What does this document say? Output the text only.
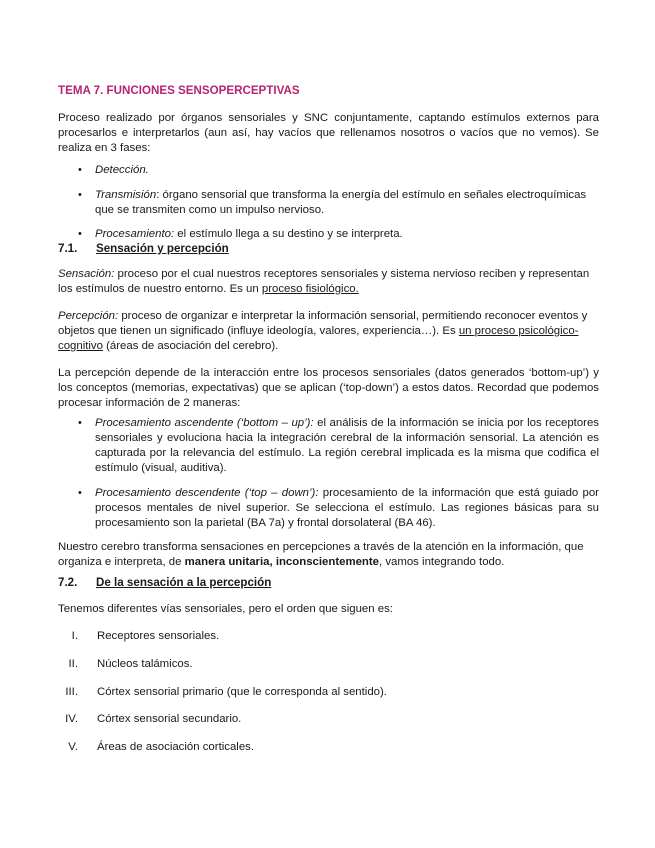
TEMA 7. FUNCIONES SENSOPERCEPTIVAS

Proceso realizado por órganos sensoriales y SNC conjuntamente, captando estímulos externos para procesarlos e interpretarlos (aun así, hay vacíos que rellenamos nosotros o vacíos que no vemos). Se realiza en 3 fases:

• Detección.
• Transmisión: órgano sensorial que transforma la energía del estímulo en señales electroquímicas que se transmiten como un impulso nervioso.
• Procesamiento: el estímulo llega a su destino y se interpreta.
7.1. Sensación y percepción

Sensación: proceso por el cual nuestros receptores sensoriales y sistema nervioso reciben y representan los estímulos de nuestro entorno. Es un proceso fisiológico.

Percepción: proceso de organizar e interpretar la información sensorial, permitiendo reconocer eventos y objetos que tienen un significado (influye ideología, valores, experiencia…). Es un proceso psicológico-cognitivo (áreas de asociación del cerebro).

La percepción depende de la interacción entre los procesos sensoriales (datos generados ‘bottom-up’) y los conceptos (memorias, expectativas) que se aplican (‘top-down’) a estos datos. Recordad que podemos procesar información de 2 maneras:

• Procesamiento ascendente (‘bottom – up’): el análisis de la información se inicia por los receptores sensoriales y evoluciona hacia la integración cerebral de la información sensorial. La atención es capturada por la relevancia del estímulo. La región cerebral implicada es la misma que codifica el estímulo (visual, auditiva).
• Procesamiento descendente (‘top – down’): procesamiento de la información que está guiado por procesos mentales de nivel superior. Se selecciona el estímulo. Las regiones básicas para su procesamiento son la parietal (BA 7a) y frontal dorsolateral (BA 46).

Nuestro cerebro transforma sensaciones en percepciones a través de la atención en la información, que organiza e interpreta, de manera unitaria, inconscientemente, vamos integrando todo.

7.2. De la sensación a la percepción

Tenemos diferentes vías sensoriales, pero el orden que siguen es:

I. Receptores sensoriales.
II. Núcleos talámicos.
III. Córtex sensorial primario (que le corresponda al sentido).
IV. Córtex sensorial secundario.
V. Áreas de asociación corticales.
